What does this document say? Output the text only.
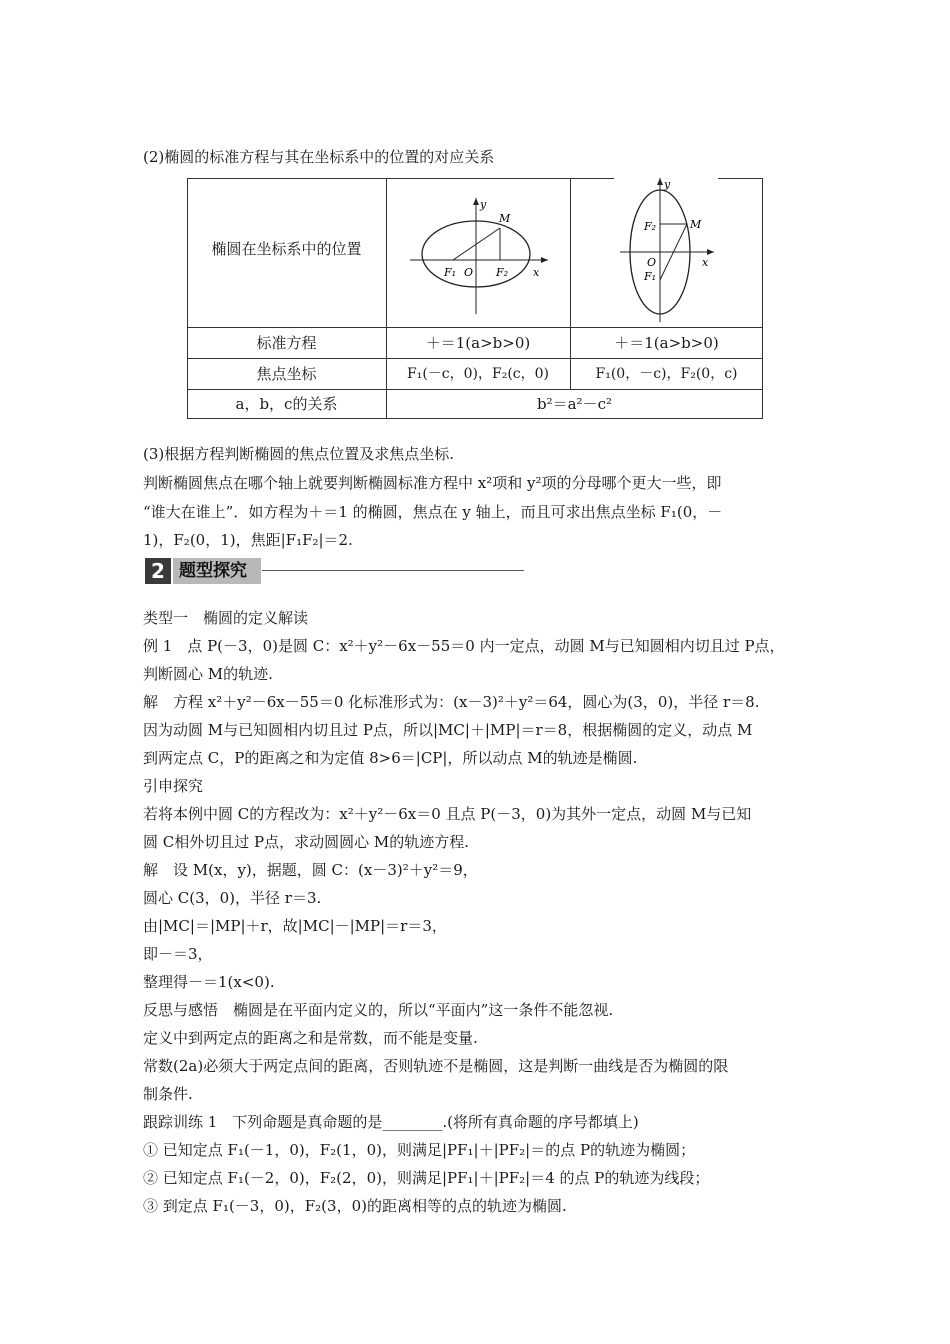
(2)椭圆的标准方程与其在坐标系中的位置的对应关系
椭圆在坐标系中的位置
y
M
F₁ O F₂ x
y
F₂	M
O	x
F₁
标准方程	＋＝1(a>b>0)	＋＝1(a>b>0)
焦点坐标	F₁(－c，0)，F₂(c，0)	F₁(0，－c)，F₂(0，c)
a，b，c的关系	b²＝a²－c²
(3)根据方程判断椭圆的焦点位置及求焦点坐标.
判断椭圆焦点在哪个轴上就要判断椭圆标准方程中 x²项和 y²项的分母哪个更大一些，即
“谁大在谁上”．如方程为＋＝1 的椭圆，焦点在 y 轴上，而且可求出焦点坐标 F₁(0，－
1)，F₂(0，1)，焦距|F₁F₂|＝2.
2 题型探究
类型一　椭圆的定义解读
例 1　点 P(－3，0)是圆 C：x²＋y²－6x－55＝0 内一定点，动圆 M与已知圆相内切且过 P点，
判断圆心 M的轨迹.
解　方程 x²＋y²－6x－55＝0 化标准形式为：(x－3)²＋y²＝64，圆心为(3，0)，半径 r＝8.
因为动圆 M与已知圆相内切且过 P点，所以|MC|＋|MP|＝r＝8，根据椭圆的定义，动点 M
到两定点 C，P的距离之和为定值 8>6＝|CP|，所以动点 M的轨迹是椭圆.
引申探究
若将本例中圆 C的方程改为：x²＋y²－6x＝0 且点 P(－3，0)为其外一定点，动圆 M与已知
圆 C相外切且过 P点，求动圆圆心 M的轨迹方程.
解　设 M(x，y)，据题，圆 C：(x－3)²＋y²＝9，
圆心 C(3，0)，半径 r＝3.
由|MC|＝|MP|＋r，故|MC|－|MP|＝r＝3，
即－＝3，
整理得－＝1(x<0).
反思与感悟　椭圆是在平面内定义的，所以“平面内”这一条件不能忽视.
定义中到两定点的距离之和是常数，而不能是变量.
常数(2a)必须大于两定点间的距离，否则轨迹不是椭圆，这是判断一曲线是否为椭圆的限
制条件.
跟踪训练 1　下列命题是真命题的是________.(将所有真命题的序号都填上)
① 已知定点 F₁(－1，0)，F₂(1，0)，则满足|PF₁|＋|PF₂|＝的点 P的轨迹为椭圆；
② 已知定点 F₁(－2，0)，F₂(2，0)，则满足|PF₁|＋|PF₂|＝4 的点 P的轨迹为线段；
③ 到定点 F₁(－3，0)，F₂(3，0)的距离相等的点的轨迹为椭圆.
